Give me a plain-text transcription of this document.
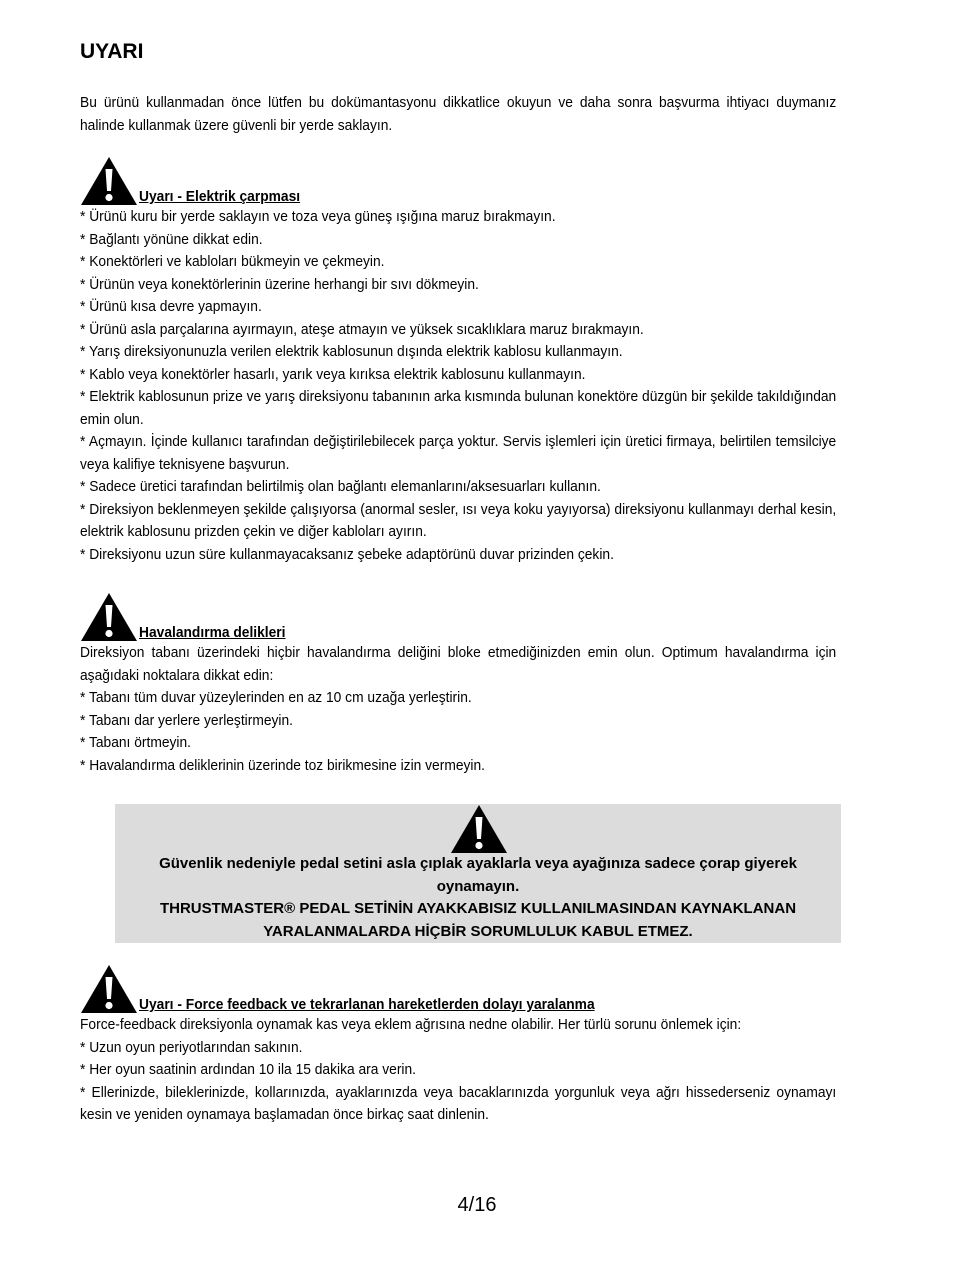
UYARI

Bu ürünü kullanmadan önce lütfen bu dokümantasyonu dikkatlice okuyun ve daha sonra başvurma ihtiyacı duymanız halinde kullanmak üzere güvenli bir yerde saklayın.

Uyarı - Elektrik çarpması
* Ürünü kuru bir yerde saklayın ve toza veya güneş ışığına maruz bırakmayın.
* Bağlantı yönüne dikkat edin.
* Konektörleri ve kabloları bükmeyin ve çekmeyin.
* Ürünün veya konektörlerinin üzerine herhangi bir sıvı dökmeyin.
* Ürünü kısa devre yapmayın.
* Ürünü asla parçalarına ayırmayın, ateşe atmayın ve yüksek sıcaklıklara maruz bırakmayın.
* Yarış direksiyonunuzla verilen elektrik kablosunun dışında elektrik kablosu kullanmayın.
* Kablo veya konektörler hasarlı, yarık veya kırıksa elektrik kablosunu kullanmayın.
* Elektrik kablosunun prize ve yarış direksiyonu tabanının arka kısmında bulunan konektöre düzgün bir şekilde takıldığından emin olun.
* Açmayın. İçinde kullanıcı tarafından değiştirilebilecek parça yoktur. Servis işlemleri için üretici firmaya, belirtilen temsilciye veya kalifiye teknisyene başvurun.
* Sadece üretici tarafından belirtilmiş olan bağlantı elemanlarını/aksesuarları kullanın.
* Direksiyon beklenmeyen şekilde çalışıyorsa (anormal sesler, ısı veya koku yayıyorsa) direksiyonu kullanmayı derhal kesin, elektrik kablosunu prizden çekin ve diğer kabloları ayırın.
* Direksiyonu uzun süre kullanmayacaksanız şebeke adaptörünü duvar prizinden çekin.
Havalandırma delikleri

Direksiyon tabanı üzerindeki hiçbir havalandırma deliğini bloke etmediğinizden emin olun. Optimum havalandırma için aşağıdaki noktalara dikkat edin:

* Tabanı tüm duvar yüzeylerinden en az 10 cm uzağa yerleştirin.
* Tabanı dar yerlere yerleştirmeyin.
* Tabanı örtmeyin.
* Havalandırma deliklerinin üzerinde toz birikmesine izin vermeyin.

Güvenlik nedeniyle pedal setini asla çıplak ayaklarla veya ayağınıza sadece çorap giyerek oynamayın.

THRUSTMASTER® PEDAL SETİNİN AYAKKABISIZ KULLANILMASINDAN KAYNAKLANAN YARALANMALARDA HİÇBİR SORUMLULUK KABUL ETMEZ.

Uyarı - Force feedback ve tekrarlanan hareketlerden dolayı yaralanma

Force-feedback direksiyonla oynamak kas veya eklem ağrısına nedne olabilir. Her türlü sorunu önlemek için:

* Uzun oyun periyotlarından sakının.
* Her oyun saatinin ardından 10 ila 15 dakika ara verin.
* Ellerinizde, bileklerinizde, kollarınızda, ayaklarınızda veya bacaklarınızda yorgunluk veya ağrı hissederseniz oynamayı kesin ve yeniden oynamaya başlamadan önce birkaç saat dinlenin.
4/16
